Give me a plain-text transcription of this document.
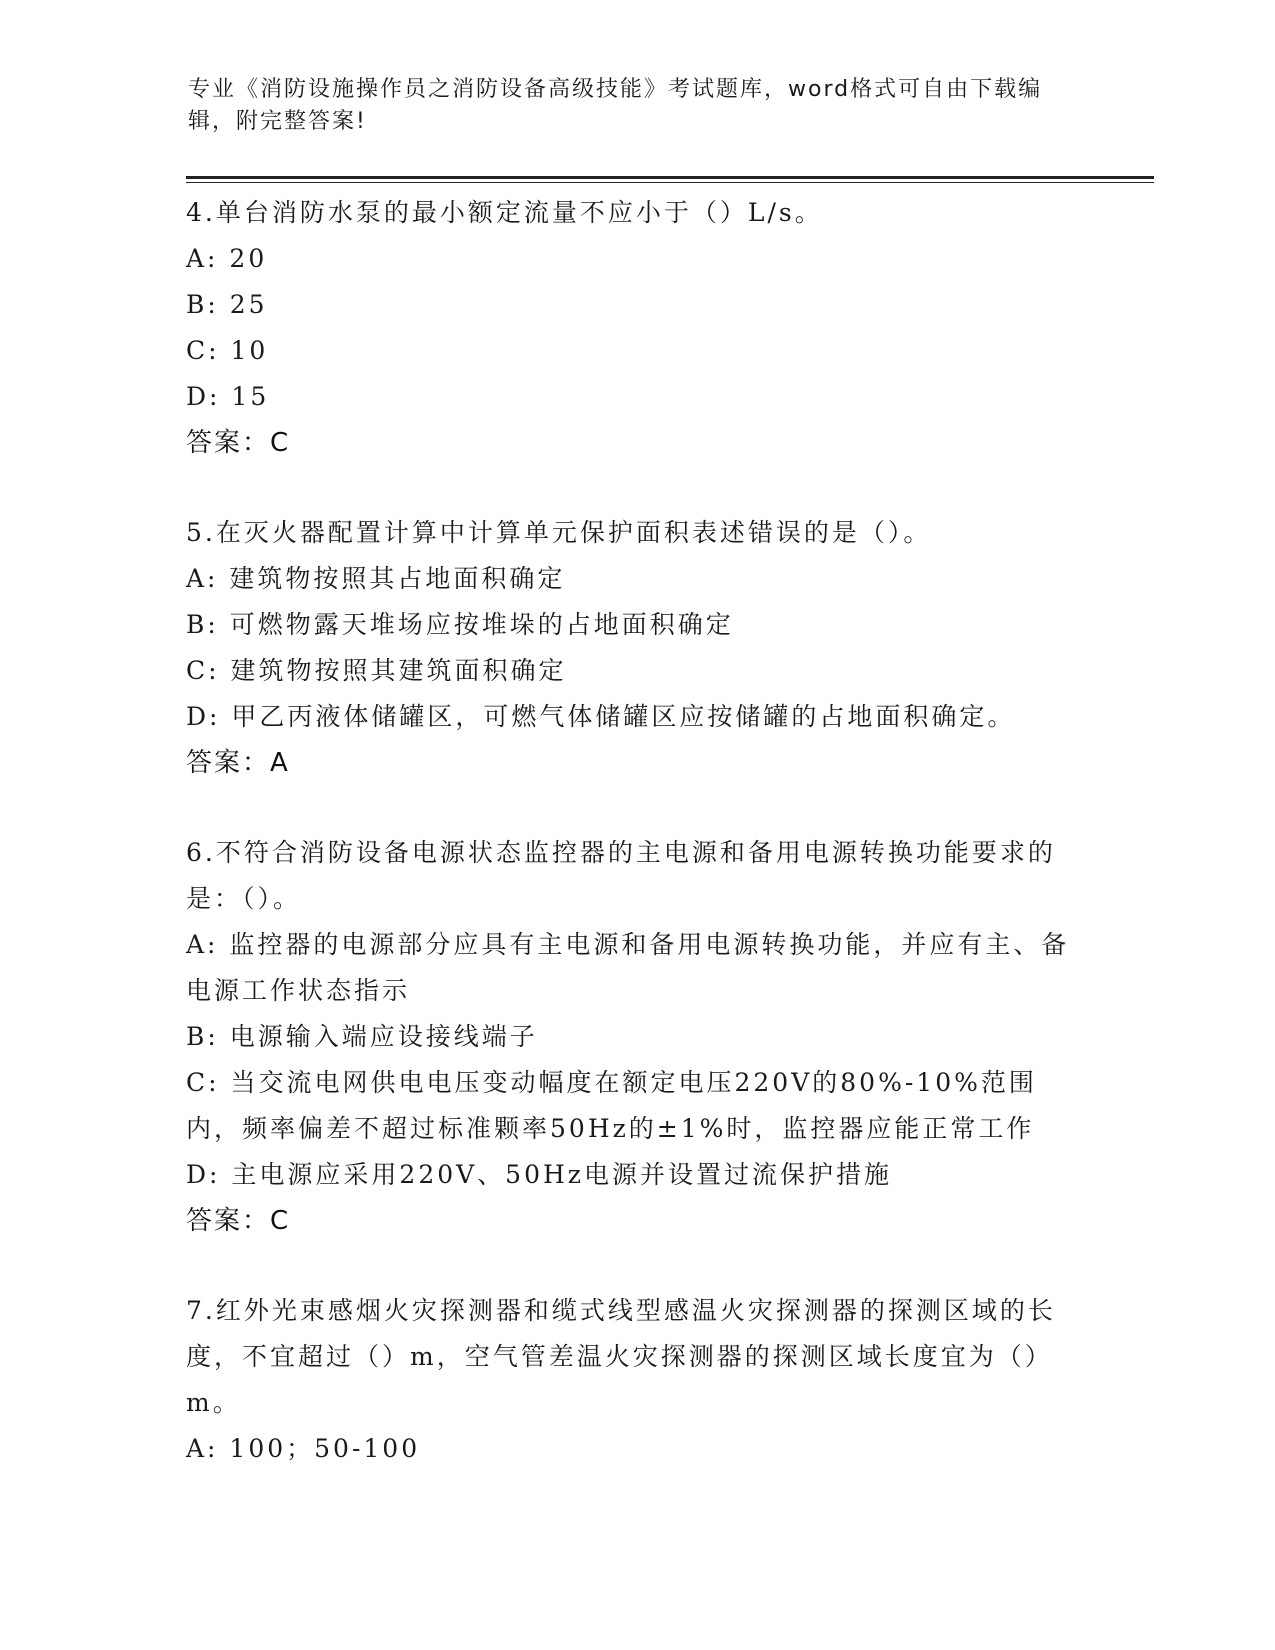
专业《消防设施操作员之消防设备高级技能》考试题库，word格式可自由下载编辑，附完整答案!
4.单台消防水泵的最小额定流量不应小于（）L/s。
A: 20
B: 25
C: 10
D: 15
答案：C
5.在灭火器配置计算中计算单元保护面积表述错误的是（）。
A: 建筑物按照其占地面积确定
B: 可燃物露天堆场应按堆垛的占地面积确定
C: 建筑物按照其建筑面积确定
D: 甲乙丙液体储罐区，可燃气体储罐区应按储罐的占地面积确定。
答案：A
6.不符合消防设备电源状态监控器的主电源和备用电源转换功能要求的是：（）。
A: 监控器的电源部分应具有主电源和备用电源转换功能，并应有主、备电源工作状态指示
B: 电源输入端应设接线端子
C: 当交流电网供电电压变动幅度在额定电压220V的80%-10%范围内，频率偏差不超过标准颗率50Hz的±1%时，监控器应能正常工作
D: 主电源应采用220V、50Hz电源并设置过流保护措施
答案：C
7.红外光束感烟火灾探测器和缆式线型感温火灾探测器的探测区域的长度，不宜超过（）m，空气管差温火灾探测器的探测区域长度宜为（）m。
A: 100；50-100
